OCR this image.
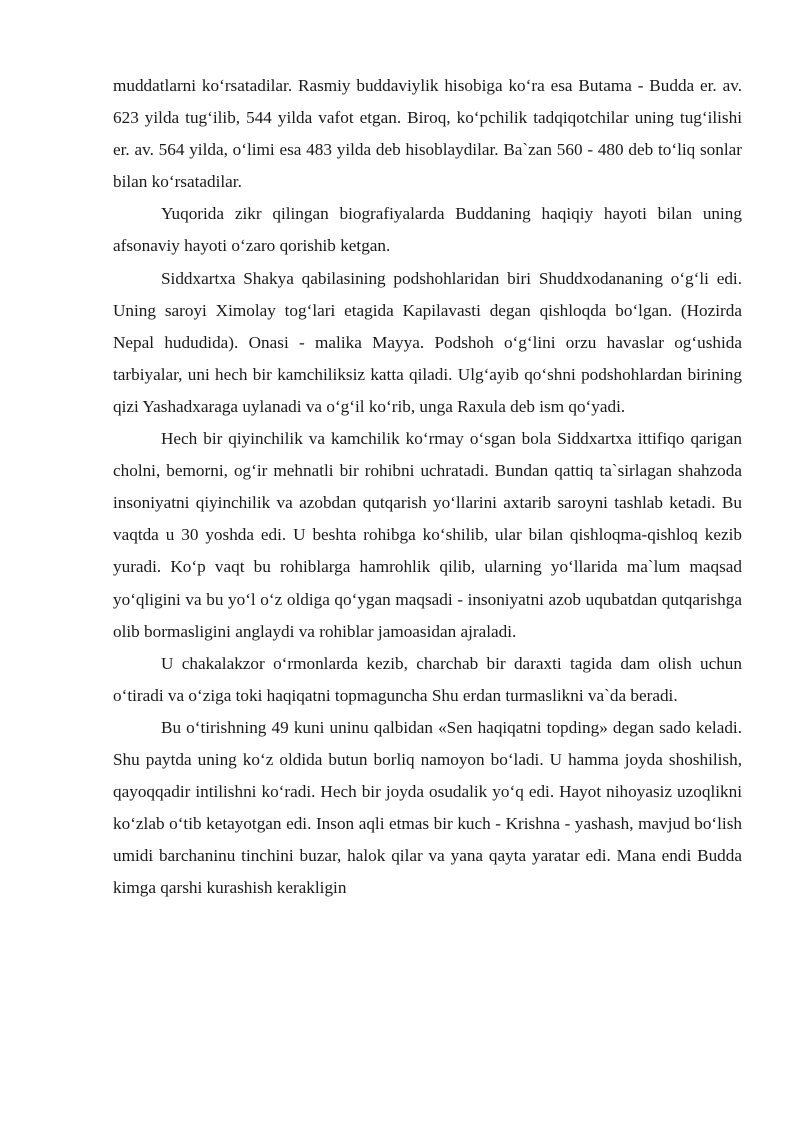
muddatlarni ko‘rsatadilar. Rasmiy buddaviylik hisobiga ko‘ra esa Butama - Budda er. av. 623 yilda tug‘ilib, 544 yilda vafot etgan. Biroq, ko‘pchilik tadqiqotchilar uning tug‘ilishi er. av. 564 yilda, o‘limi esa 483 yilda deb hisoblaydilar. Ba`zan 560 - 480 deb to‘liq sonlar bilan ko‘rsatadilar.

Yuqorida zikr qilingan biografiyalarda Buddaning haqiqiy hayoti bilan uning afsonaviy hayoti o‘zaro qorishib ketgan.

Siddxartxa Shakya qabilasining podshohlaridan biri Shuddxodananing o‘g‘li edi. Uning saroyi Ximolay tog‘lari etagida Kapilavasti degan qishloqda bo‘lgan. (Hozirda Nepal hududida). Onasi - malika Mayya. Podshoh o‘g‘lini orzu havaslar og‘ushida tarbiyalar, uni hech bir kamchiliksiz katta qiladi. Ulg‘ayib qo‘shni podshohlardan birining qizi Yashadxaraga uylanadi va o‘g‘il ko‘rib, unga Raxula deb ism qo‘yadi.

Hech bir qiyinchilik va kamchilik ko‘rmay o‘sgan bola Siddxartxa ittifiqo qarigan cholni, bemorni, og‘ir mehnatli bir rohibni uchratadi. Bundan qattiq ta`sirlagan shahzoda insoniyatni qiyinchilik va azobdan qutqarish yo‘llarini axtarib saroyni tashlab ketadi. Bu vaqtda u 30 yoshda edi. U beshta rohibga ko‘shilib, ular bilan qishloqma-qishloq kezib yuradi. Ko‘p vaqt bu rohiblarga hamrohlik qilib, ularning yo‘llarida ma`lum maqsad yo‘qligini va bu yo‘l o‘z oldiga qo‘ygan maqsadi - insoniyatni azob uqubatdan qutqarishga olib bormasligini anglaydi va rohiblar jamoasidan ajraladi.

U chakalakzor o‘rmonlarda kezib, charchab bir daraxti tagida dam olish uchun o‘tiradi va o‘ziga toki haqiqatni topmaguncha Shu erdan turmaslikni va`da beradi.

Bu o‘tirishning 49 kuni uninu qalbidan «Sen haqiqatni topding» degan sado keladi. Shu paytda uning ko‘z oldida butun borliq namoyon bo‘ladi. U hamma joyda shoshilish, qayoqqadir intilishni ko‘radi. Hech bir joyda osudalik yo‘q edi. Hayot nihoyasiz uzoqlikni ko‘zlab o‘tib ketayotgan edi. Inson aqli etmas bir kuch - Krishna - yashash, mavjud bo‘lish umidi barchaninu tinchini buzar, halok qilar va yana qayta yaratar edi. Mana endi Budda kimga qarshi kurashish kerakligin
